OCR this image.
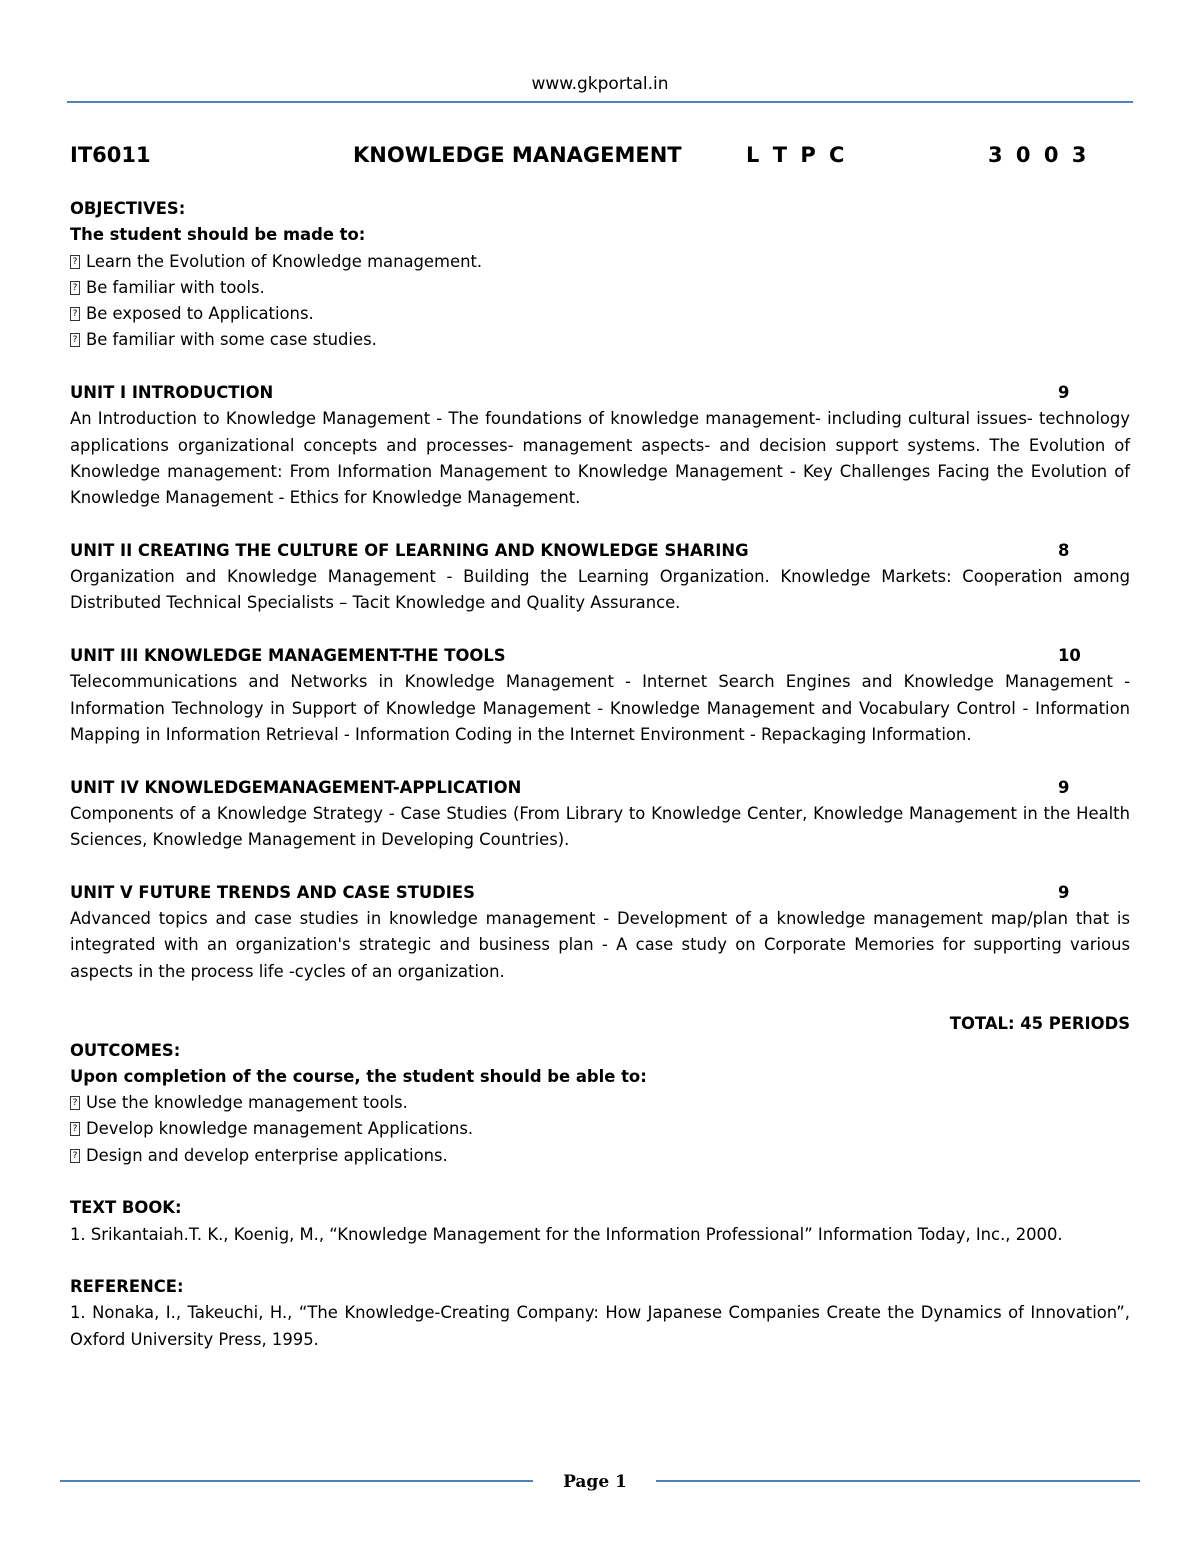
www.gkportal.in
IT6011	KNOWLEDGE MANAGEMENT	L T P C	3 0 0 3

OBJECTIVES:

The student should be made to:

?Learn the Evolution of Knowledge management.

?Be familiar with tools.

?Be exposed to Applications.

?Be familiar with some case studies.

UNIT I INTRODUCTION	9

An Introduction to Knowledge Management - The foundations of knowledge management- including cultural issues- technology applications organizational concepts and processes- management aspects- and decision support systems. The Evolution of Knowledge management: From Information Management to Knowledge Management - Key Challenges Facing the Evolution of Knowledge Management - Ethics for Knowledge Management.

UNIT II CREATING THE CULTURE OF LEARNING AND KNOWLEDGE SHARING	8

Organization and Knowledge Management - Building the Learning Organization. Knowledge Markets: Cooperation among Distributed Technical Specialists – Tacit Knowledge and Quality Assurance.

UNIT III KNOWLEDGE MANAGEMENT-THE TOOLS	10

Telecommunications and Networks in Knowledge Management - Internet Search Engines and Knowledge Management - Information Technology in Support of Knowledge Management - Knowledge Management and Vocabulary Control - Information Mapping in Information Retrieval - Information Coding in the Internet Environment - Repackaging Information.

UNIT IV KNOWLEDGEMANAGEMENT-APPLICATION	9

Components of a Knowledge Strategy - Case Studies (From Library to Knowledge Center, Knowledge Management in the Health Sciences, Knowledge Management in Developing Countries).

UNIT V FUTURE TRENDS AND CASE STUDIES	9

Advanced topics and case studies in knowledge management - Development of a knowledge management map/plan that is integrated with an organization's strategic and business plan - A case study on Corporate Memories for supporting various aspects in the process life -cycles of an organization.

TOTAL: 45 PERIODS

OUTCOMES:

Upon completion of the course, the student should be able to:

?Use the knowledge management tools.

?Develop knowledge management Applications.

?Design and develop enterprise applications.

TEXT BOOK:

1. Srikantaiah.T. K., Koenig, M., “Knowledge Management for the Information Professional” Information Today, Inc., 2000.

REFERENCE:

1. Nonaka, I., Takeuchi, H., “The Knowledge-Creating Company: How Japanese Companies Create the Dynamics of Innovation”, Oxford University Press, 1995.

Page 1
